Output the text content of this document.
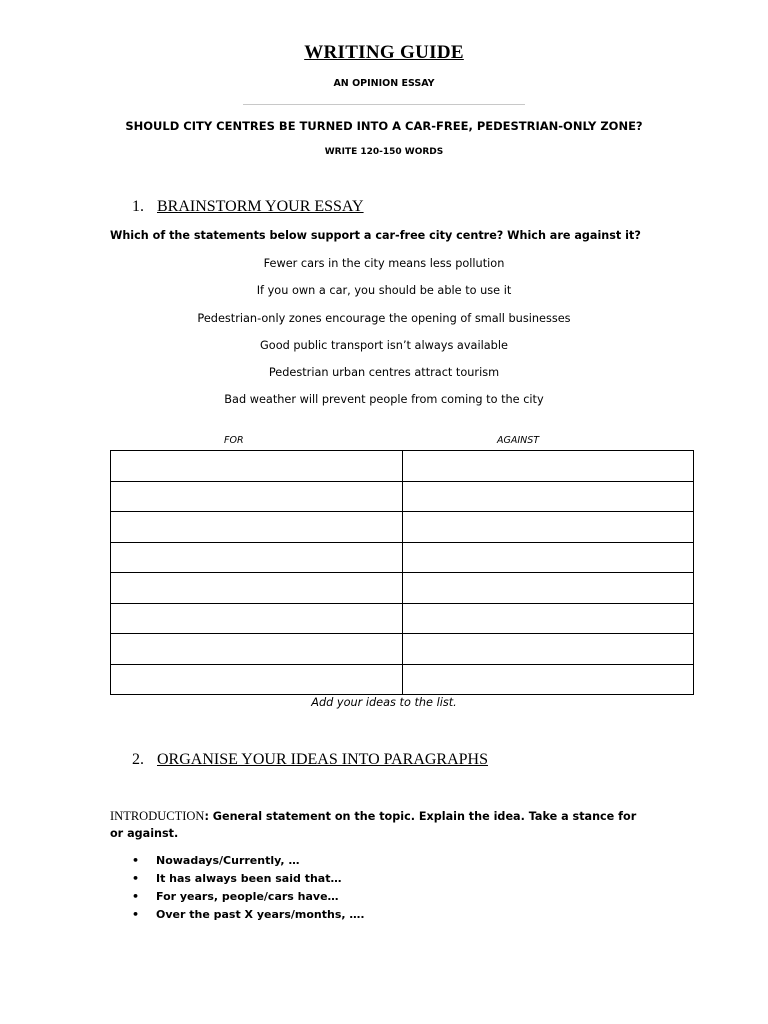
WRITING GUIDE
AN OPINION ESSAY
SHOULD CITY CENTRES BE TURNED INTO A CAR-FREE, PEDESTRIAN-ONLY ZONE?
WRITE 120-150 WORDS
1. BRAINSTORM YOUR ESSAY
Which of the statements below support a car-free city centre? Which are against it?
Fewer cars in the city means less pollution
If you own a car, you should be able to use it
Pedestrian-only zones encourage the opening of small businesses
Good public transport isn’t always available
Pedestrian urban centres attract tourism
Bad weather will prevent people from coming to the city
FOR	AGAINST

Add your ideas to the list.
2. ORGANISE YOUR IDEAS INTO PARAGRAPHS
INTRODUCTION: General statement on the topic. Explain the idea. Take a stance for or against.
• Nowadays/Currently, …
• It has always been said that…
• For years, people/cars have…
• Over the past X years/months, ….
